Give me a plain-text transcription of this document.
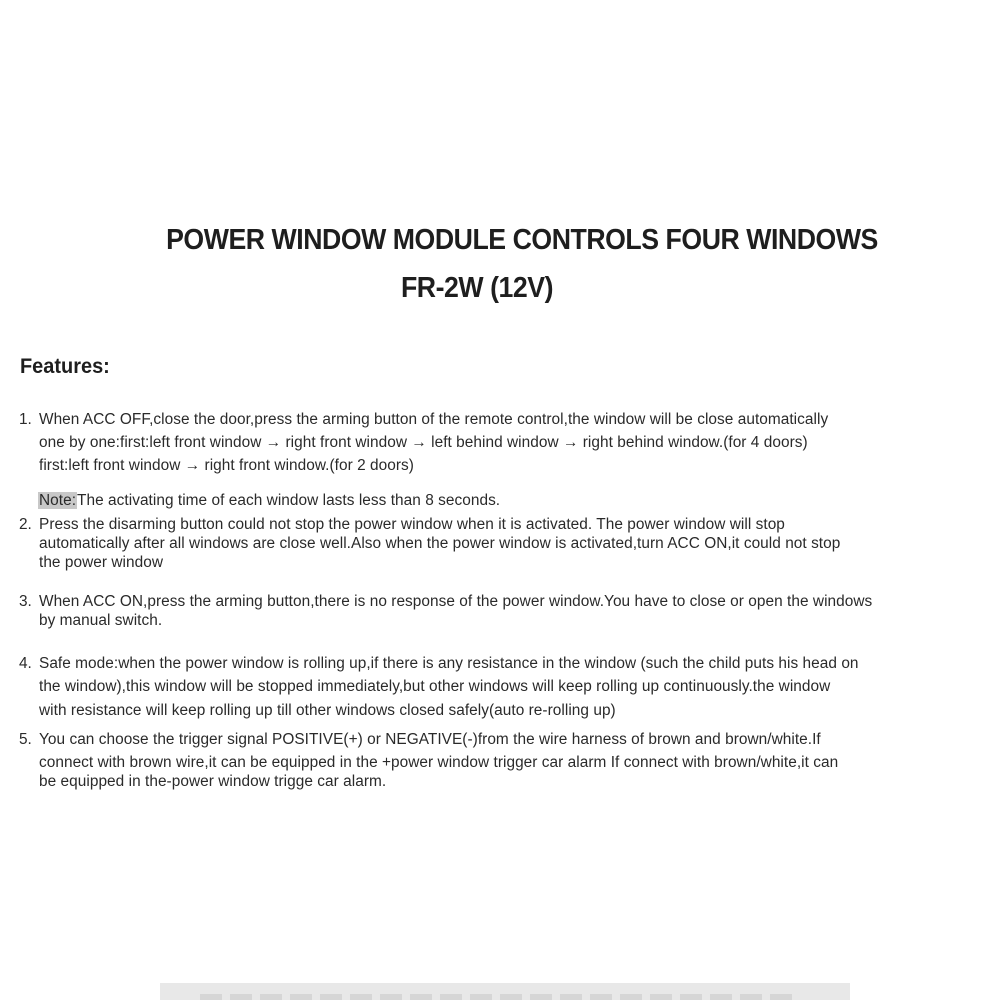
POWER WINDOW MODULE CONTROLS FOUR WINDOWS
FR-2W (12V)
Features:
1. When ACC OFF,close the door,press the arming button of the remote control,the window will be close automatically
one by one:first:left front window → right front window → left behind window → right behind window.(for 4 doors)
first:left front window → right front window.(for 2 doors)
Note:The activating time of each window lasts less than 8 seconds.
2. Press the disarming button could not stop the power window when it is activated. The power window will stop
automatically after all windows are close well.Also when the power window is activated,turn ACC ON,it could not stop
the power window
3. When ACC ON,press the arming button,there is no response of the power window.You have to close or open the windows
by manual switch.
4. Safe mode:when the power window is rolling up,if there is any resistance in the window (such the child puts his head on
the window),this window will be stopped immediately,but other windows will keep rolling up continuously.the window
with resistance will keep rolling up till other windows closed safely(auto re-rolling up)
5. You can choose the trigger signal POSITIVE(+) or NEGATIVE(-)from the wire harness of brown and brown/white.If
connect with brown wire,it can be equipped in the +power window trigger car alarm If connect with brown/white,it can
be equipped in the-power window trigge car alarm.
